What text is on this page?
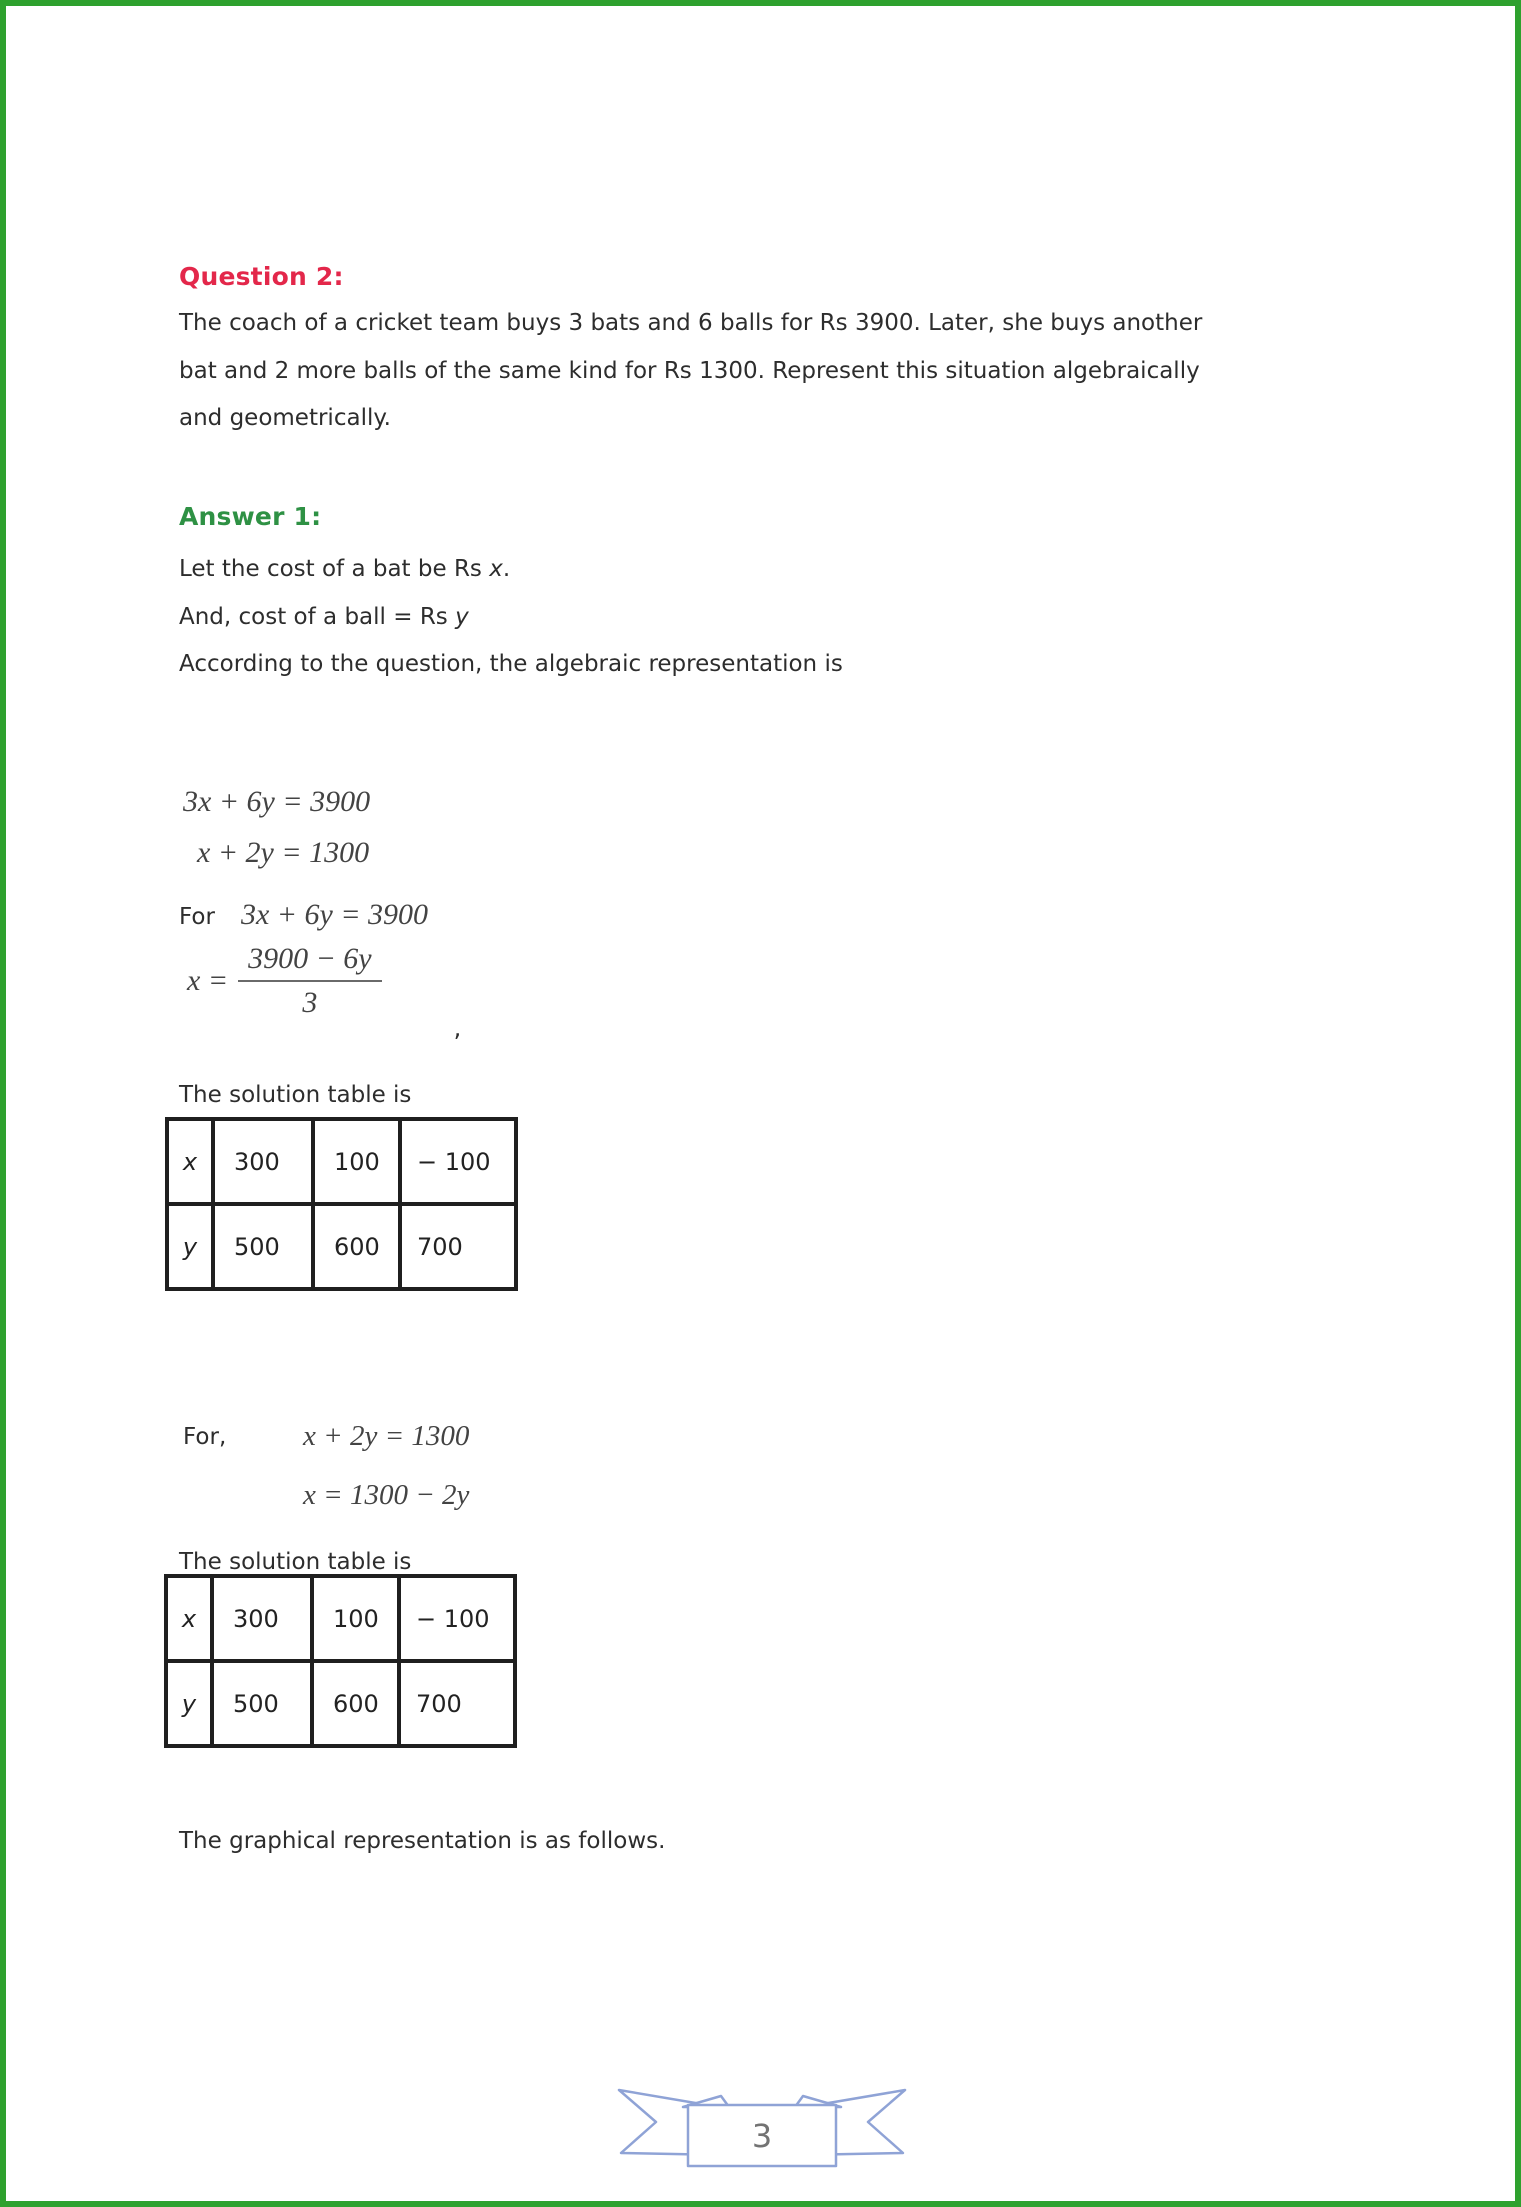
Question 2:
The coach of a cricket team buys 3 bats and 6 balls for Rs 3900. Later, she buys another
bat and 2 more balls of the same kind for Rs 1300. Represent this situation algebraically
and geometrically.
Answer 1:
Let the cost of a bat be Rs x.
And, cost of a ball = Rs y
According to the question, the algebraic representation is
3x + 6y = 3900
x + 2y = 1300
For 3x + 6y = 3900
$x = \frac{3900 - 6y}{3}$
,
The solution table is
x	300	100	− 100
y	500	600	700
For,	x + 2y = 1300
x = 1300 − 2y
The solution table is
x	300	100	− 100
y	500	600	700
The graphical representation is as follows.
3
